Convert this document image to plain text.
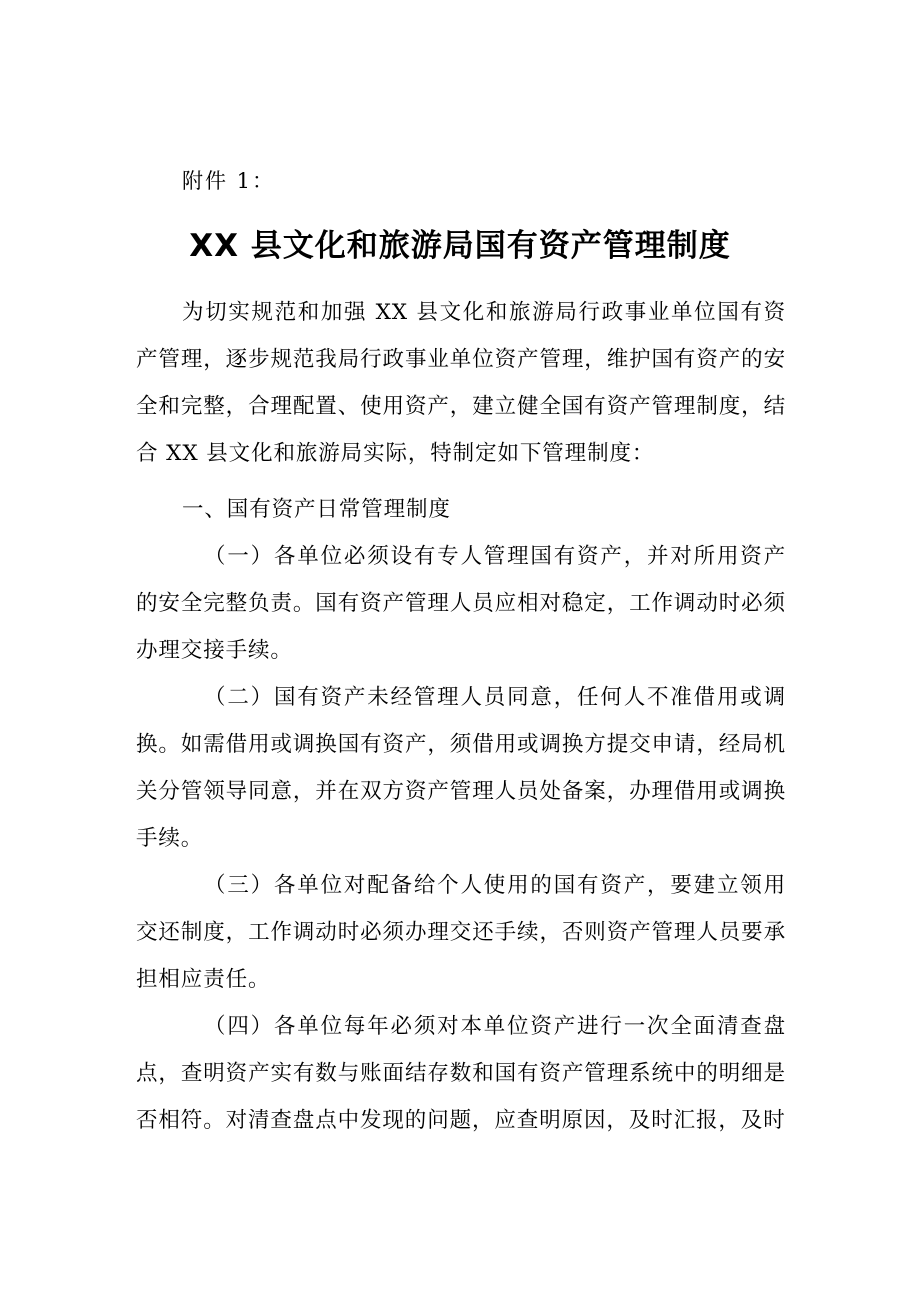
附件 1：
XX 县文化和旅游局国有资产管理制度

为切实规范和加强 XX 县文化和旅游局行政事业单位国有资产管理，逐步规范我局行政事业单位资产管理，维护国有资产的安全和完整，合理配置、使用资产，建立健全国有资产管理制度，结合 XX 县文化和旅游局实际，特制定如下管理制度：

一、国有资产日常管理制度

（一）各单位必须设有专人管理国有资产，并对所用资产的安全完整负责。国有资产管理人员应相对稳定，工作调动时必须办理交接手续。

（二）国有资产未经管理人员同意，任何人不准借用或调换。如需借用或调换国有资产，须借用或调换方提交申请，经局机关分管领导同意，并在双方资产管理人员处备案，办理借用或调换手续。

（三）各单位对配备给个人使用的国有资产，要建立领用交还制度，工作调动时必须办理交还手续，否则资产管理人员要承担相应责任。

（四）各单位每年必须对本单位资产进行一次全面清查盘点，查明资产实有数与账面结存数和国有资产管理系统中的明细是否相符。对清查盘点中发现的问题，应查明原因，及时汇报，及时
